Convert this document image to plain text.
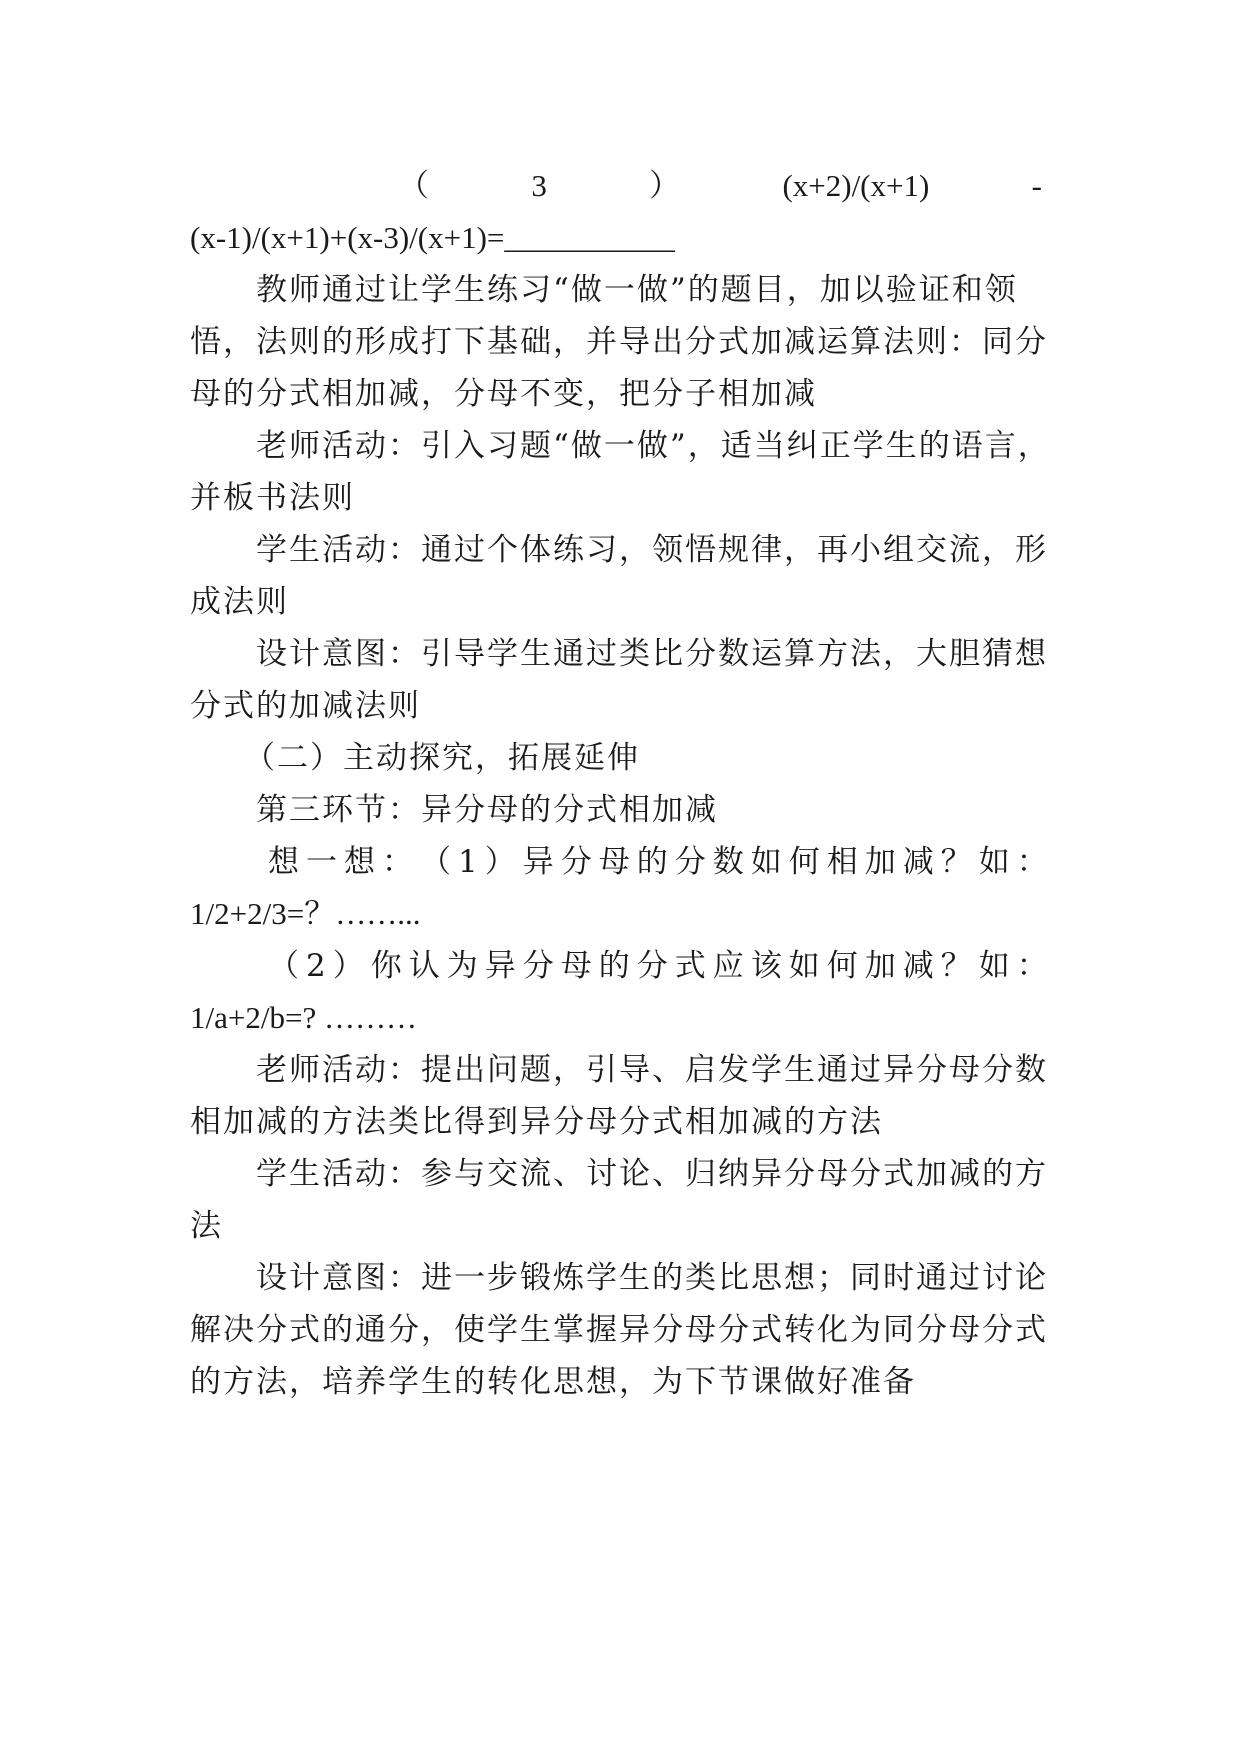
（	3	）	(x+2)/(x+1)	-
(x-1)/(x+1)+(x-3)/(x+1)=___________
教师通过让学生练习“做一做”的题目，加以验证和领
悟，法则的形成打下基础，并导出分式加减运算法则：同分
母的分式相加减，分母不变，把分子相加减
老师活动：引入习题“做一做”，适当纠正学生的语言，
并板书法则
学生活动：通过个体练习，领悟规律，再小组交流，形
成法则
设计意图：引导学生通过类比分数运算方法，大胆猜想
分式的加减法则
（二）主动探究，拓展延伸
第三环节：异分母的分式相加减
想 一 想 ： （ 1 ） 异 分 母 的 分 数 如 何 相 加 减 ？ 如 ：
1/2+2/3=？……...
（ 2 ） 你 认 为 异 分 母 的 分 式 应 该 如 何 加 减 ？ 如 ：
1/a+2/b=? ………
老师活动：提出问题，引导、启发学生通过异分母分数
相加减的方法类比得到异分母分式相加减的方法
学生活动：参与交流、讨论、归纳异分母分式加减的方
法
设计意图：进一步锻炼学生的类比思想；同时通过讨论
解决分式的通分，使学生掌握异分母分式转化为同分母分式
的方法，培养学生的转化思想，为下节课做好准备
